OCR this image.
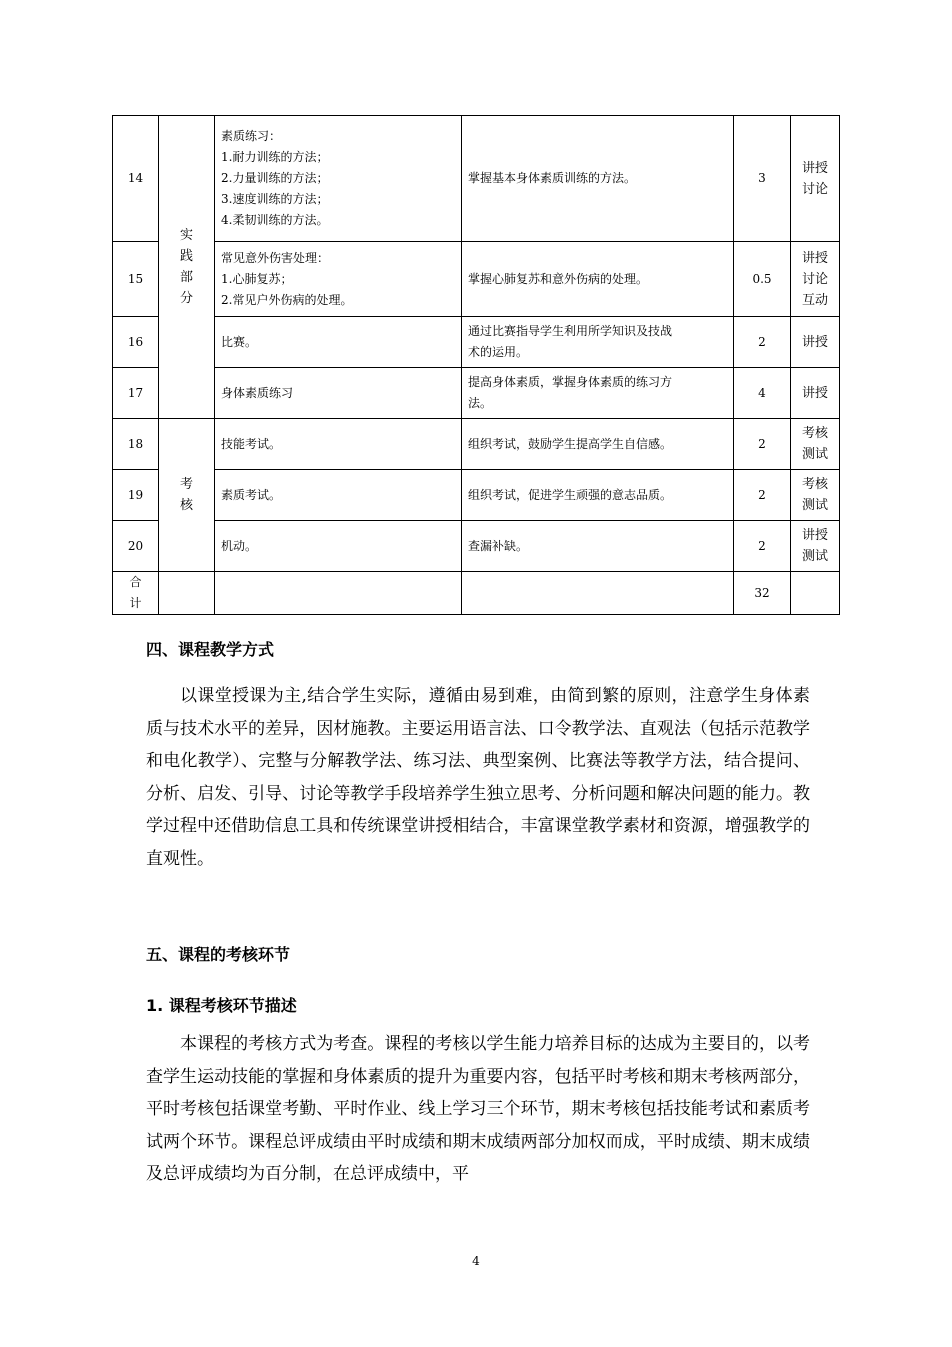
14	实
践
部
分	素质练习：
1.耐力训练的方法；
2.力量训练的方法；
3.速度训练的方法；
4.柔韧训练的方法。	掌握基本身体素质训练的方法。	3	讲授
讨论

15		常见意外伤害处理：
1.心肺复苏；
2.常见户外伤病的处理。	掌握心肺复苏和意外伤病的处理。	0.5	讲授
讨论
互动

16		比赛。	通过比赛指导学生利用所学知识及技战
术的运用。	2	讲授

17		身体素质练习	提高身体素质，掌握身体素质的练习方
法。	4	讲授

18	考
核	技能考试。	组织考试，鼓励学生提高学生自信感。	2	考核
测试

19		素质考试。	组织考试，促进学生顽强的意志品质。	2	考核
测试

20		机动。	查漏补缺。	2	讲授
测试

合
计				32	
四、课程教学方式

以课堂授课为主,结合学生实际，遵循由易到难，由简到繁的原则，注意学生身体素质与技术水平的差异，因材施教。主要运用语言法、口令教学法、直观法（包括示范教学和电化教学）、完整与分解教学法、练习法、典型案例、比赛法等教学方法，结合提问、分析、启发、引导、讨论等教学手段培养学生独立思考、分析问题和解决问题的能力。教学过程中还借助信息工具和传统课堂讲授相结合，丰富课堂教学素材和资源，增强教学的直观性。

五、课程的考核环节
1. 课程考核环节描述

本课程的考核方式为考查。课程的考核以学生能力培养目标的达成为主要目的，以考查学生运动技能的掌握和身体素质的提升为重要内容，包括平时考核和期末考核两部分，平时考核包括课堂考勤、平时作业、线上学习三个环节，期末考核包括技能考试和素质考试两个环节。课程总评成绩由平时成绩和期末成绩两部分加权而成，平时成绩、期末成绩及总评成绩均为百分制，在总评成绩中，平

4
